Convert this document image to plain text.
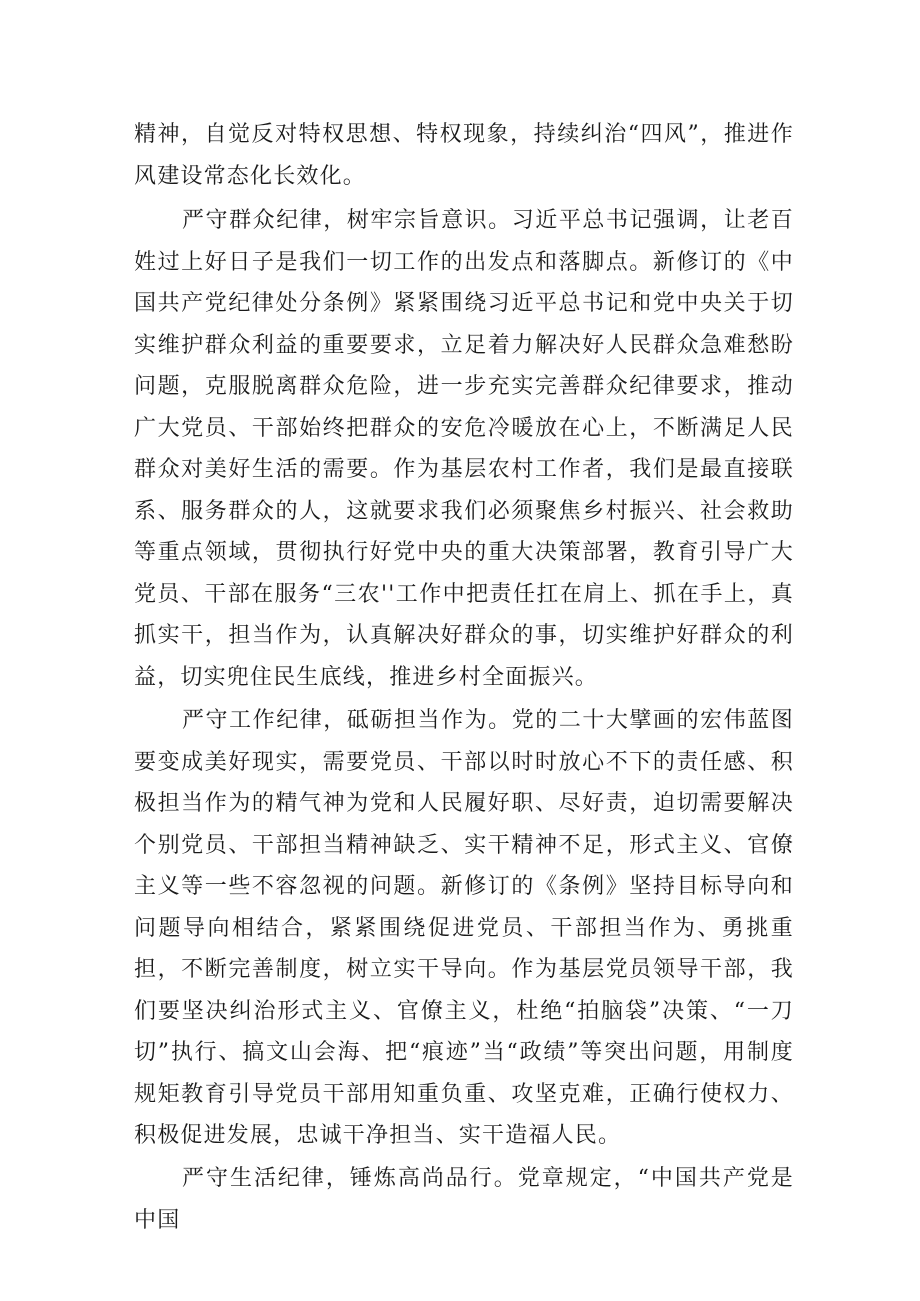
精神，自觉反对特权思想、特权现象，持续纠治“四风”，推进作风建设常态化长效化。

严守群众纪律，树牢宗旨意识。习近平总书记强调，让老百姓过上好日子是我们一切工作的出发点和落脚点。新修订的《中国共产党纪律处分条例》紧紧围绕习近平总书记和党中央关于切实维护群众利益的重要要求，立足着力解决好人民群众急难愁盼问题，克服脱离群众危险，进一步充实完善群众纪律要求，推动广大党员、干部始终把群众的安危冷暖放在心上，不断满足人民群众对美好生活的需要。作为基层农村工作者，我们是最直接联系、服务群众的人，这就要求我们必须聚焦乡村振兴、社会救助等重点领域，贯彻执行好党中央的重大决策部署，教育引导广大党员、干部在服务“三农''工作中把责任扛在肩上、抓在手上，真抓实干，担当作为，认真解决好群众的事，切实维护好群众的利益，切实兜住民生底线，推进乡村全面振兴。

严守工作纪律，砥砺担当作为。党的二十大擘画的宏伟蓝图要变成美好现实，需要党员、干部以时时放心不下的责任感、积极担当作为的精气神为党和人民履好职、尽好责，迫切需要解决个别党员、干部担当精神缺乏、实干精神不足，形式主义、官僚主义等一些不容忽视的问题。新修订的《条例》坚持目标导向和问题导向相结合，紧紧围绕促进党员、干部担当作为、勇挑重担，不断完善制度，树立实干导向。作为基层党员领导干部，我们要坚决纠治形式主义、官僚主义，杜绝“拍脑袋”决策、“一刀切”执行、搞文山会海、把“痕迹”当“政绩”等突出问题，用制度规矩教育引导党员干部用知重负重、攻坚克难，正确行使权力、积极促进发展，忠诚干净担当、实干造福人民。

严守生活纪律，锤炼高尚品行。党章规定，“中国共产党是中国
